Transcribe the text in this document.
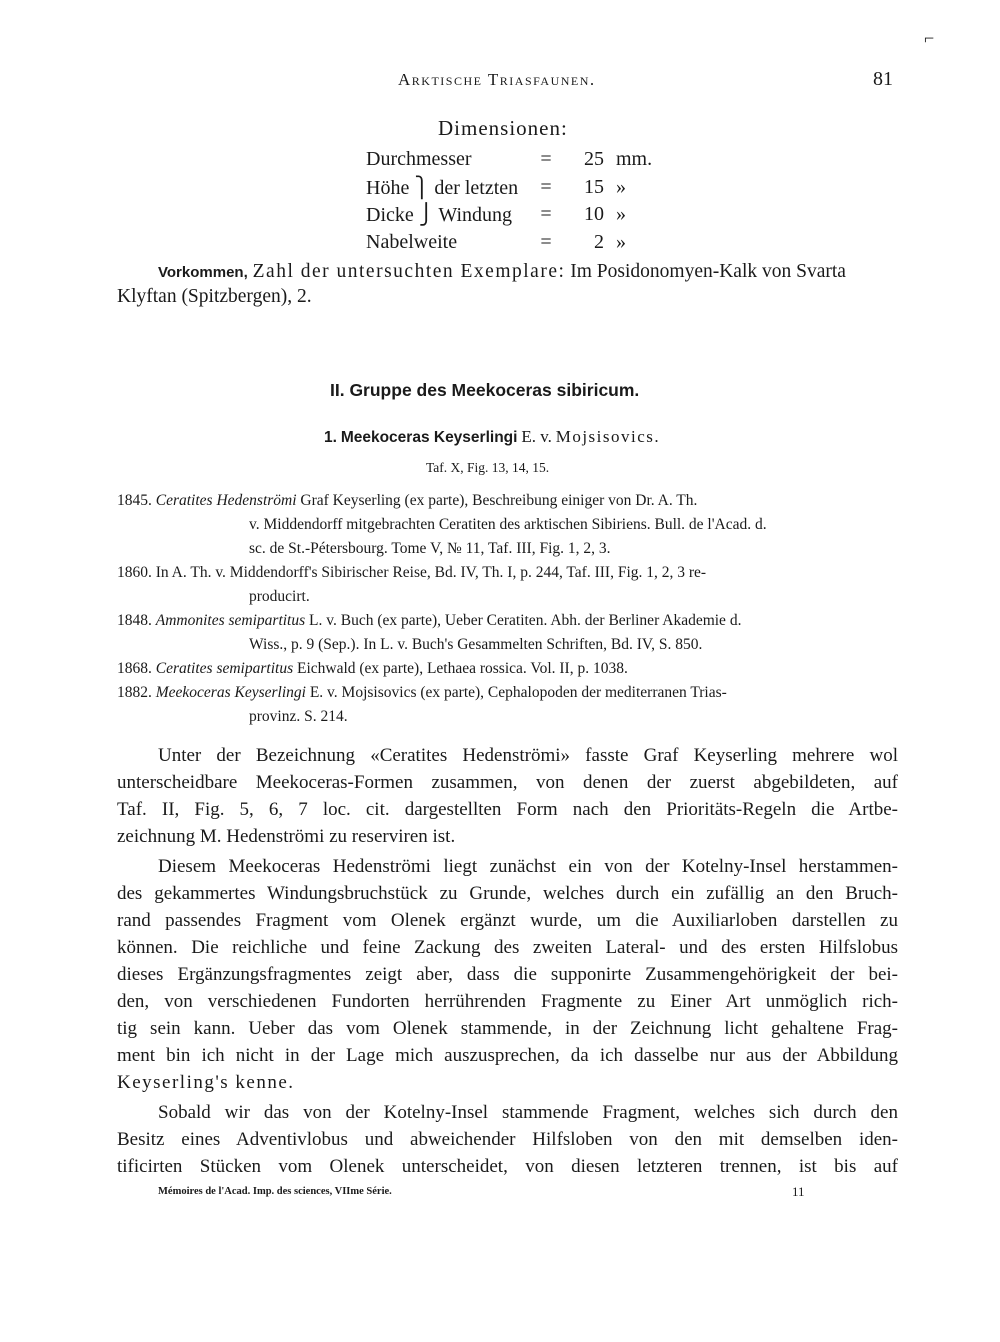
Arktische Triasfaunen.	81
⌐
Dimensionen:
Durchmesser	=	25	mm.
Höhe ⎫ der letzten	=	15	»
Dicke ⎭ Windung	=	10	»
Nabelweite	=	2	»
Vorkommen, Zahl der untersuchten Exemplare: Im Posidonomyen-Kalk von Svarta
Klyftan (Spitzbergen), 2.
II. Gruppe des Meekoceras sibiricum.
1. Meekoceras Keyserlingi E. v. Mojsisovics.
Taf. X, Fig. 13, 14, 15.
1845. Ceratites Hedenströmi Graf Keyserling (ex parte), Beschreibung einiger von Dr. A. Th.
v. Middendorff mitgebrachten Ceratiten des arktischen Sibiriens. Bull. de l'Acad. d.
sc. de St.-Pétersbourg. Tome V, № 11, Taf. III, Fig. 1, 2, 3.
1860. In A. Th. v. Middendorff's Sibirischer Reise, Bd. IV, Th. I, p. 244, Taf. III, Fig. 1, 2, 3 re-
producirt.
1848. Ammonites semipartitus L. v. Buch (ex parte), Ueber Ceratiten. Abh. der Berliner Akademie d.
Wiss., p. 9 (Sep.). In L. v. Buch's Gesammelten Schriften, Bd. IV, S. 850.
1868. Ceratites semipartitus Eichwald (ex parte), Lethaea rossica. Vol. II, p. 1038.
1882. Meekoceras Keyserlingi E. v. Mojsisovics (ex parte), Cephalopoden der mediterranen Trias-
provinz. S. 214.
Unter der Bezeichnung «Ceratites Hedenströmi» fasste Graf Keyserling mehrere wol
unterscheidbare Meekoceras-Formen zusammen, von denen der zuerst abgebildeten, auf
Taf. II, Fig. 5, 6, 7 loc. cit. dargestellten Form nach den Prioritäts-Regeln die Artbe-
zeichnung M. Hedenströmi zu reserviren ist.
Diesem Meekoceras Hedenströmi liegt zunächst ein von der Kotelny-Insel herstammen-
des gekammertes Windungsbruchstück zu Grunde, welches durch ein zufällig an den Bruch-
rand passendes Fragment vom Olenek ergänzt wurde, um die Auxiliarloben darstellen zu
können. Die reichliche und feine Zackung des zweiten Lateral- und des ersten Hilfslobus
dieses Ergänzungsfragmentes zeigt aber, dass die supponirte Zusammengehörigkeit der bei-
den, von verschiedenen Fundorten herrührenden Fragmente zu Einer Art unmöglich rich-
tig sein kann. Ueber das vom Olenek stammende, in der Zeichnung licht gehaltene Frag-
ment bin ich nicht in der Lage mich auszusprechen, da ich dasselbe nur aus der Abbildung
Keyserling's kenne.
Sobald wir das von der Kotelny-Insel stammende Fragment, welches sich durch den
Besitz eines Adventivlobus und abweichender Hilfsloben von den mit demselben iden-
tificirten Stücken vom Olenek unterscheidet, von diesen letzteren trennen, ist bis auf
Mémoires de l'Acad. Imp. des sciences, VIIme Série.	11
